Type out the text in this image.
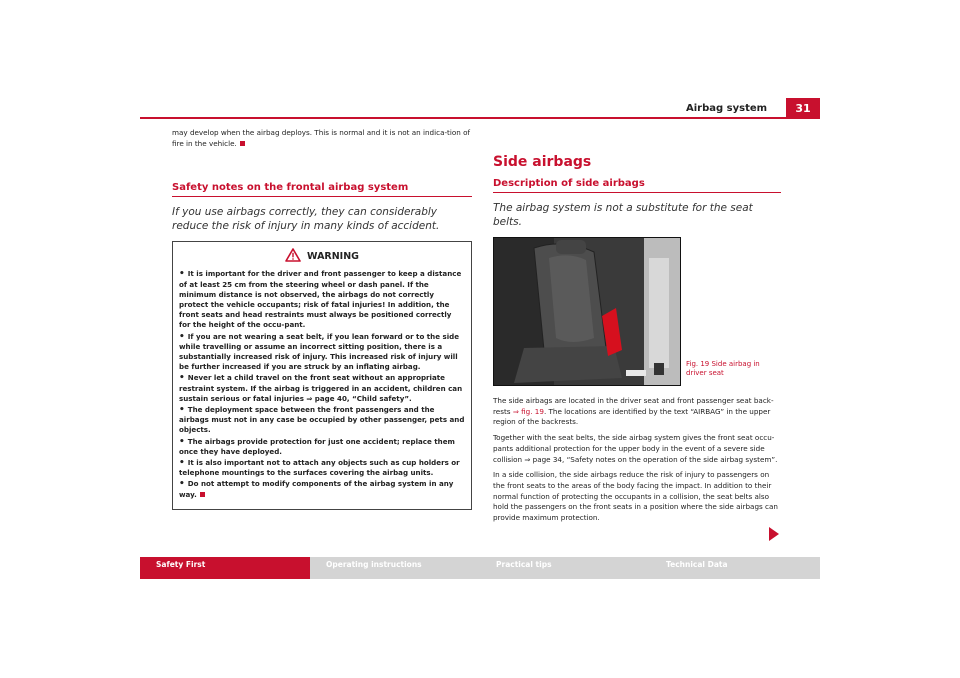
Airbag system	31

may develop when the airbag deploys. This is normal and it is not an indica-tion of fire in the vehicle.

Safety notes on the frontal airbag system

If you use airbags correctly, they can considerably reduce the risk of injury in many kinds of accident.

WARNING

• It is important for the driver and front passenger to keep a distance of at least 25 cm from the steering wheel or dash panel. If the minimum distance is not observed, the airbags do not correctly protect the vehicle occupants; risk of fatal injuries! In addition, the front seats and head restraints must always be positioned correctly for the height of the occu-pant.

• If you are not wearing a seat belt, if you lean forward or to the side while travelling or assume an incorrect sitting position, there is a substantially increased risk of injury. This increased risk of injury will be further increased if you are struck by an inflating airbag.

• Never let a child travel on the front seat without an appropriate restraint system. If the airbag is triggered in an accident, children can sustain serious or fatal injuries ⇒ page 40, “Child safety”.

• The deployment space between the front passengers and the airbags must not in any case be occupied by other passenger, pets and objects.

• The airbags provide protection for just one accident; replace them once they have deployed.

• It is also important not to attach any objects such as cup holders or telephone mountings to the surfaces covering the airbag units.

• Do not attempt to modify components of the airbag system in any way.

Side airbags
Description of side airbags

The airbag system is not a substitute for the seat belts.

The side airbags are located in the driver seat and front passenger seat back-rests ⇒ fig. 19. The locations are identified by the text “AIRBAG” in the upper region of the backrests.

Together with the seat belts, the side airbag system gives the front seat occu-pants additional protection for the upper body in the event of a severe side collision ⇒ page 34, “Safety notes on the operation of the side airbag system”.

In a side collision, the side airbags reduce the risk of injury to passengers on the front seats to the areas of the body facing the impact. In addition to their normal function of protecting the occupants in a collision, the seat belts also hold the passengers on the front seats in a position where the side airbags can provide maximum protection.

Fig. 19 Side airbag in driver seat
Safety First	Operating instructions	Practical tips	Technical Data
